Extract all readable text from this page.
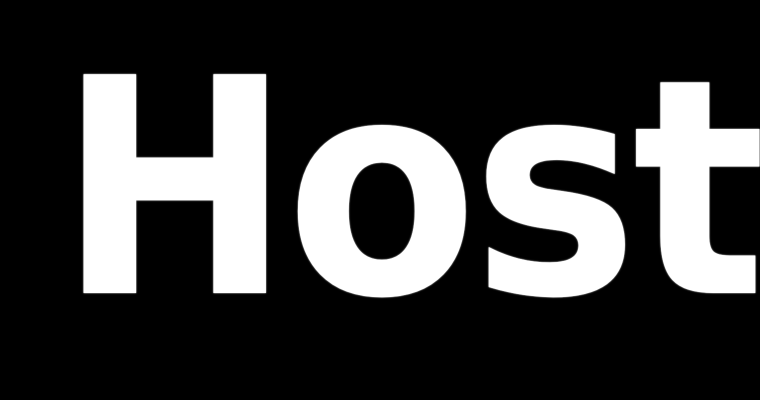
Host
